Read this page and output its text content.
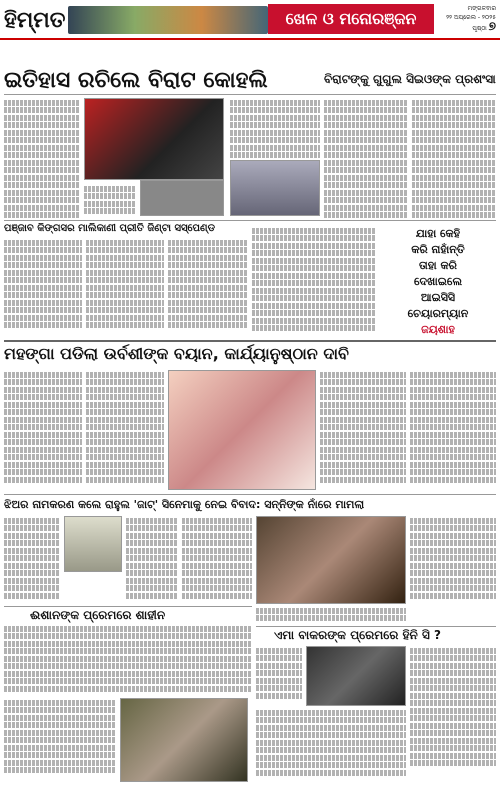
ହିମ୍ମତ	ଖେଳ ଓ ମନୋରଞ୍ଜନ
ମଙ୍ଗଳବାର
୨୨ ଅପ୍ରେଲ - ୨୦୨୫
ପୃଷ୍ଠା ୭
ଇତିହାସ ରଚିଲେ ବିରାଟ କୋହଲି	ବିରାଟଙ୍କୁ ଗୁଗୁଲ ସିଇଓଙ୍କ ପ୍ରଶଂସା
ପଞ୍ଜାବ କିଙ୍ଗସର ମାଲିକାଣୀ ପ୍ରୀତି ଜିଣ୍ଟା ସସ୍ପେଣ୍ଡ	ଯାହା କେହି
କରି ନାହାଁନ୍ତି
ତାହା କରି
ଦେଖାଇଲେ
ଆଇସିସି
ଚେୟାରମ୍ୟାନ
ଜୟଶାହ
ମହଙ୍ଗା ପଡିଲା ଉର୍ବଶୀଙ୍କ ବୟାନ, କାର୍ଯ୍ୟାନୁଷ୍ଠାନ ଦାବି
ଝିଅର ନାମକରଣ କଲେ ରାହୁଲ 'ଜାଟ୍' ସିନେମାକୁ ନେଇ ବିବାଦ: ସନ୍ନିଙ୍କ ନାଁରେ ମାମଲା
ଈଶାନଙ୍କ ପ୍ରେମରେ ଶାହୀନ
ଏମା ବାକରଙ୍କ ପ୍ରେମରେ ହିନି ସି ?
